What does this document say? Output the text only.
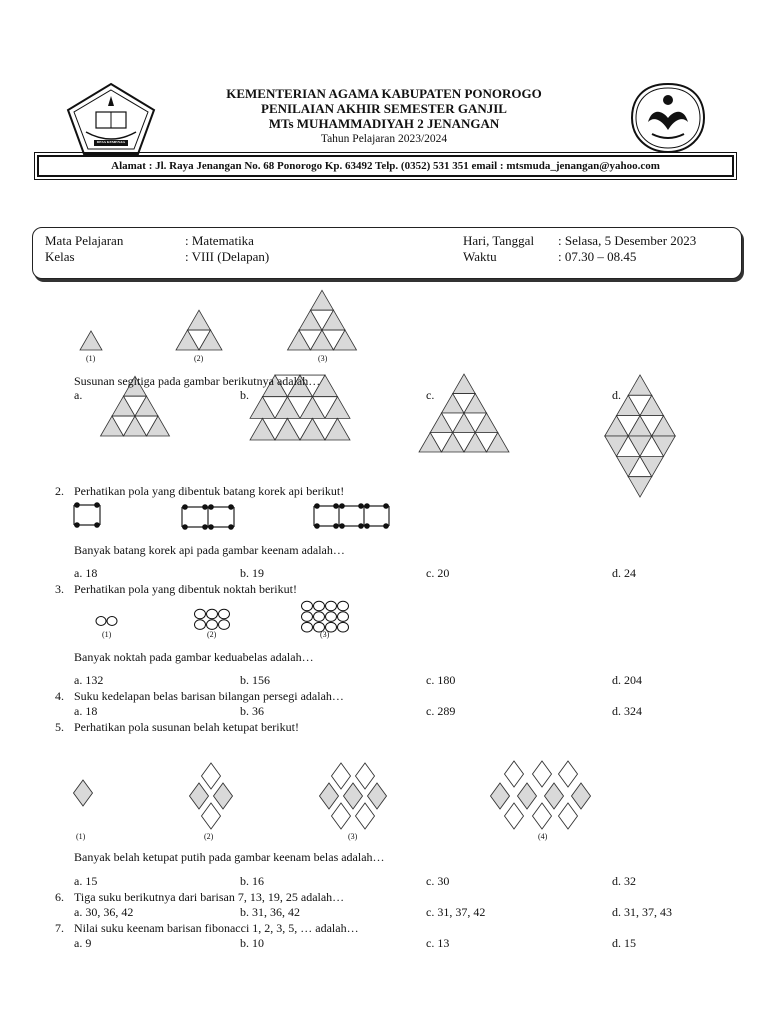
DESA KEMENAG
KEMENTERIAN AGAMA KABUPATEN PONOROGO
PENILAIAN AKHIR SEMESTER GANJIL
MTs MUHAMMADIYAH 2 JENANGAN
Tahun Pelajaran 2023/2024
Alamat : Jl. Raya Jenangan No. 68 Ponorogo Kp. 63492 Telp. (0352) 531 351 email : mtsmuda_jenangan@yahoo.com
Mata Pelajaran	: Matematika
Kelas	: VIII (Delapan)
Hari, Tanggal : Selasa, 5 Desember 2023
Waktu	: 07.30 – 08.45
(1)	(2)	(3)
Susunan segitiga pada gambar berikutnya adalah…
a.	b.	c.	d.
2. Perhatikan pola yang dibentuk batang korek api berikut!
Banyak batang korek api pada gambar keenam adalah…
a. 18	b. 19	c. 20	d. 24
3. Perhatikan pola yang dibentuk noktah berikut!
(1)	(2)	(3)
Banyak noktah pada gambar keduabelas adalah…
a. 132	b. 156	c. 180	d. 204
4. Suku kedelapan belas barisan bilangan persegi adalah…
a. 18	b. 36	c. 289	d. 324
5. Perhatikan pola susunan belah ketupat berikut!
(1)	(2)	(3)	(4)
Banyak belah ketupat putih pada gambar keenam belas adalah…
a. 15	b. 16	c. 30	d. 32
6. Tiga suku berikutnya dari barisan 7, 13, 19, 25 adalah…
a. 30, 36, 42	b. 31, 36, 42	c. 31, 37, 42	d. 31, 37, 43
7. Nilai suku keenam barisan fibonacci 1, 2, 3, 5, … adalah…
a. 9	b. 10	c. 13	d. 15
